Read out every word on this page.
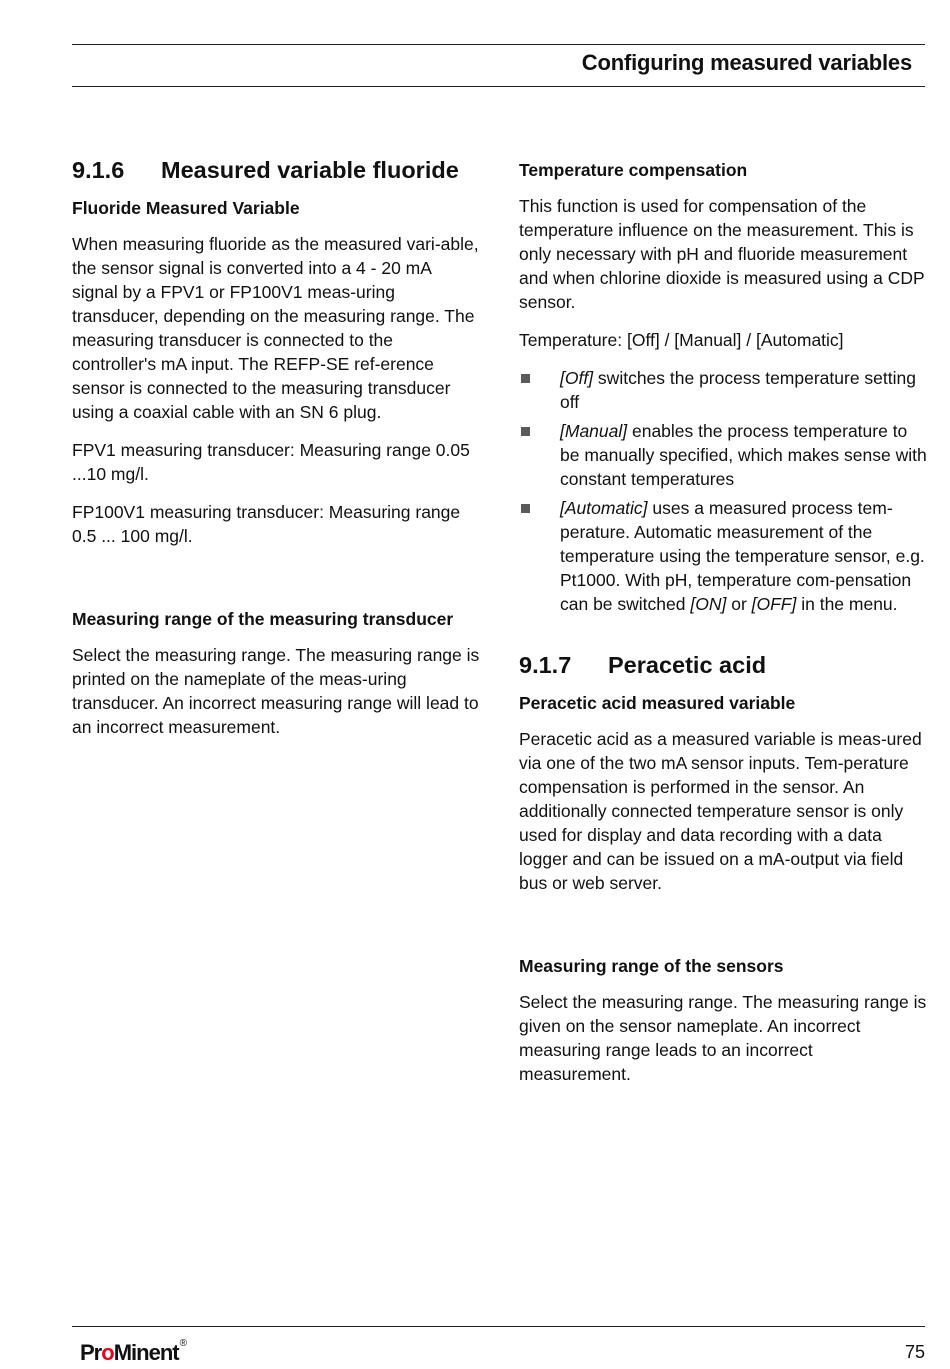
Configuring measured variables
9.1.6	Measured variable fluoride
Fluoride Measured Variable

When measuring fluoride as the measured vari-able, the sensor signal is converted into a 4 - 20 mA signal by a FPV1 or FP100V1 meas-uring transducer, depending on the measuring range. The measuring transducer is connected to the controller's mA input. The REFP-SE ref-erence sensor is connected to the measuring transducer using a coaxial cable with an SN 6 plug.

FPV1 measuring transducer: Measuring range 0.05 ...10 mg/l.

FP100V1 measuring transducer: Measuring range 0.5 ... 100 mg/l.

Measuring range of the measuring transducer

Select the measuring range. The measuring range is printed on the nameplate of the meas-uring transducer. An incorrect measuring range will lead to an incorrect measurement.

Temperature compensation

This function is used for compensation of the temperature influence on the measurement. This is only necessary with pH and fluoride measurement and when chlorine dioxide is measured using a CDP sensor.

Temperature: [Off] / [Manual] / [Automatic]

[Off] switches the process temperature setting off
[Manual] enables the process temperature to be manually specified, which makes sense with constant temperatures
[Automatic] uses a measured process tem-perature. Automatic measurement of the temperature using the temperature sensor, e.g. Pt1000. With pH, temperature com-pensation can be switched [ON] or [OFF] in the menu.
9.1.7	Peracetic acid
Peracetic acid measured variable

Peracetic acid as a measured variable is meas-ured via one of the two mA sensor inputs. Tem-perature compensation is performed in the sensor. An additionally connected temperature sensor is only used for display and data recording with a data logger and can be issued on a mA-output via field bus or web server.

Measuring range of the sensors

Select the measuring range. The measuring range is given on the sensor nameplate. An incorrect measuring range leads to an incorrect measurement.

ProMinent®	75
